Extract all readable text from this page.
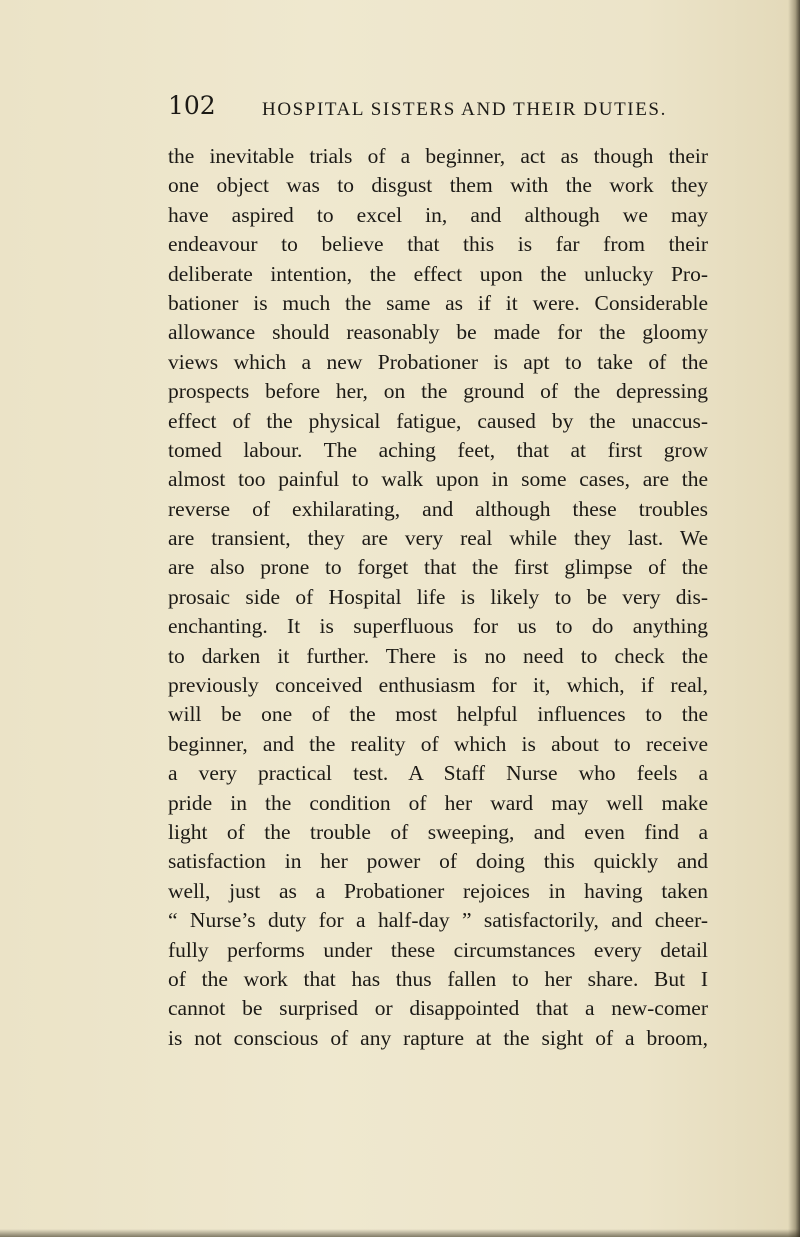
102 HOSPITAL SISTERS AND THEIR DUTIES.
the inevitable trials of a beginner, act as though their
one object was to disgust them with the work they
have aspired to excel in, and although we may
endeavour to believe that this is far from their
deliberate intention, the effect upon the unlucky Pro-
bationer is much the same as if it were. Considerable
allowance should reasonably be made for the gloomy
views which a new Probationer is apt to take of the
prospects before her, on the ground of the depressing
effect of the physical fatigue, caused by the unaccus-
tomed labour. The aching feet, that at first grow
almost too painful to walk upon in some cases, are the
reverse of exhilarating, and although these troubles
are transient, they are very real while they last. We
are also prone to forget that the first glimpse of the
prosaic side of Hospital life is likely to be very dis-
enchanting. It is superfluous for us to do anything
to darken it further. There is no need to check the
previously conceived enthusiasm for it, which, if real,
will be one of the most helpful influences to the
beginner, and the reality of which is about to receive
a very practical test. A Staff Nurse who feels a
pride in the condition of her ward may well make
light of the trouble of sweeping, and even find a
satisfaction in her power of doing this quickly and
well, just as a Probationer rejoices in having taken
“ Nurse’s duty for a half-day ” satisfactorily, and cheer-
fully performs under these circumstances every detail
of the work that has thus fallen to her share. But I
cannot be surprised or disappointed that a new-comer
is not conscious of any rapture at the sight of a broom,
